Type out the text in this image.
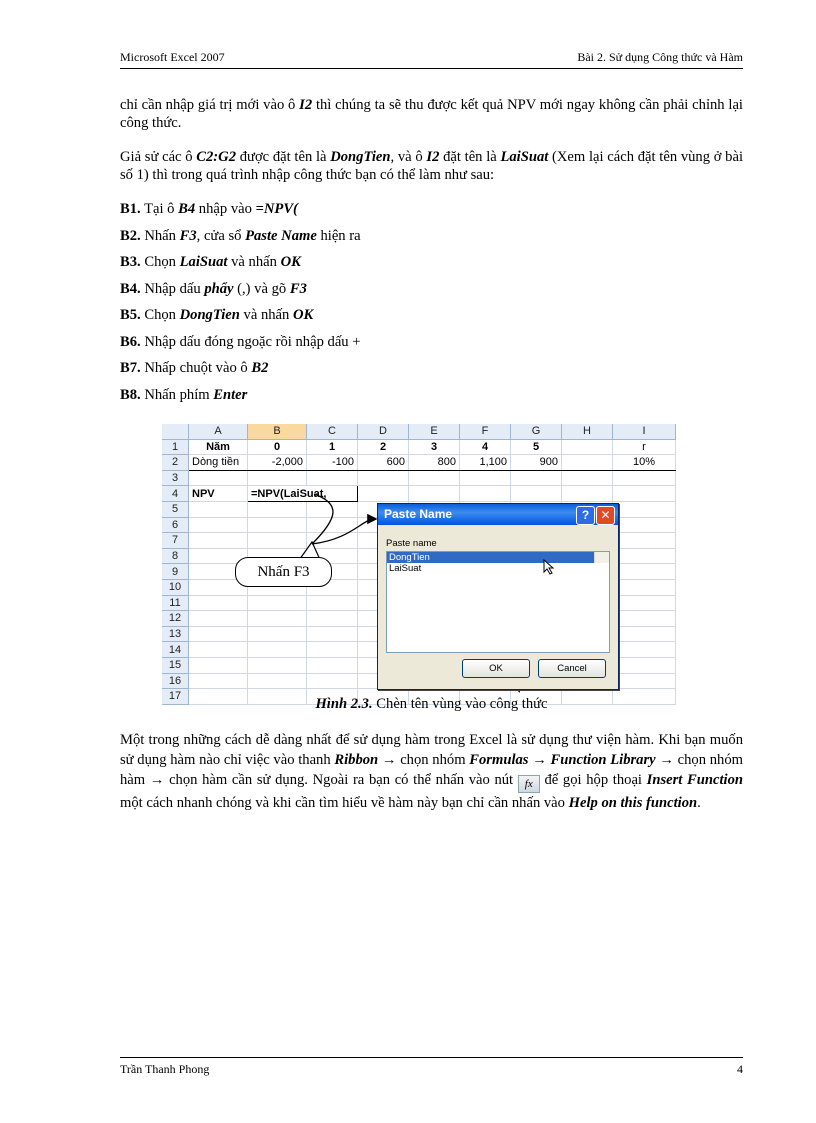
Microsoft Excel 2007	Bài 2. Sử dụng Công thức và Hàm

chỉ cần nhập giá trị mới vào ô I2 thì chúng ta sẽ thu được kết quả NPV mới ngay không cần phải chỉnh lại công thức.

Giả sử các ô C2:G2 được đặt tên là DongTien, và ô I2 đặt tên là LaiSuat (Xem lại cách đặt tên vùng ở bài số 1) thì trong quá trình nhập công thức bạn có thể làm như sau:

B1. Tại ô B4 nhập vào =NPV(

B2. Nhấn F3, cửa sổ Paste Name hiện ra

B3. Chọn LaiSuat và nhấn OK

B4. Nhập dấu phẩy (,) và gõ F3

B5. Chọn DongTien và nhấn OK

B6. Nhập dấu đóng ngoặc rồi nhập dấu +

B7. Nhấp chuột vào ô B2

B8. Nhấn phím Enter

	A	B	C	D	E	F	G	H	I
1	Năm	0	1	2	3	4	5		r
2	Dòng tiền	-2,000	-100	600	800	1,100	900		10%
3									
4	NPV	=NPV(LaiSuat,							
5									
6									
7									
8									
9									
10									
11									
12									
13									
14									
15									
16									
17									
Nhấn F3
Paste Name	? ✕
Paste name
DongTien
LaiSuat
OK	Cancel
Hình 2.3. Chèn tên vùng vào công thức
Một trong những cách dễ dàng nhất để sử dụng hàm trong Excel là sử dụng thư viện hàm. Khi bạn muốn sử dụng hàm nào chỉ việc vào thanh Ribbon → chọn nhóm Formulas → Function Library → chọn nhóm hàm → chọn hàm cần sử dụng. Ngoài ra bạn có thể nhấn vào nút fx để gọi hộp thoại Insert Function một cách nhanh chóng và khi cần tìm hiểu về hàm này bạn chỉ cần nhấn vào Help on this function.
Trần Thanh Phong	4
